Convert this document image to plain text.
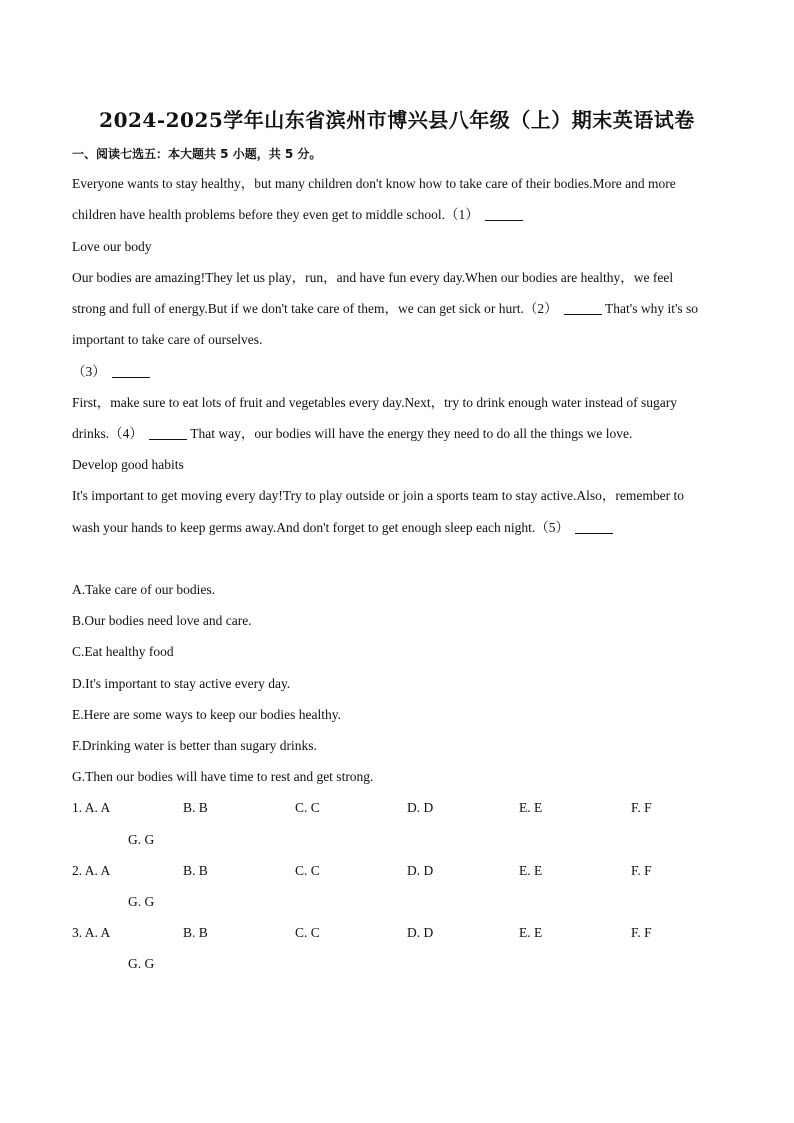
2024-2025学年山东省滨州市博兴县八年级（上）期末英语试卷
一、阅读七选五：本大题共 5 小题，共 5 分。
Everyone wants to stay healthy，but many children don't know how to take care of their bodies.More and more
children have health problems before they even get to middle school.（1）
Love our body
Our bodies are amazing!They let us play，run，and have fun every day.When our bodies are healthy，we feel
strong and full of energy.But if we don't take care of them，we can get sick or hurt.（2）	That's why it's so
important to take care of ourselves.
（3）
First，make sure to eat lots of fruit and vegetables every day.Next，try to drink enough water instead of sugary
drinks.（4）	That way，our bodies will have the energy they need to do all the things we love.
Develop good habits
It's important to get moving every day!Try to play outside or join a sports team to stay active.Also，remember to
wash your hands to keep germs away.And don't forget to get enough sleep each night.（5）
A.Take care of our bodies.
B.Our bodies need love and care.
C.Eat healthy food
D.It's important to stay active every day.
E.Here are some ways to keep our bodies healthy.
F.Drinking water is better than sugary drinks.
G.Then our bodies will have time to rest and get strong.
1. A. A	B. B	C. C	D. D	E. E	F. F
G. G
2. A. A	B. B	C. C	D. D	E. E	F. F
G. G
3. A. A	B. B	C. C	D. D	E. E	F. F
G. G
